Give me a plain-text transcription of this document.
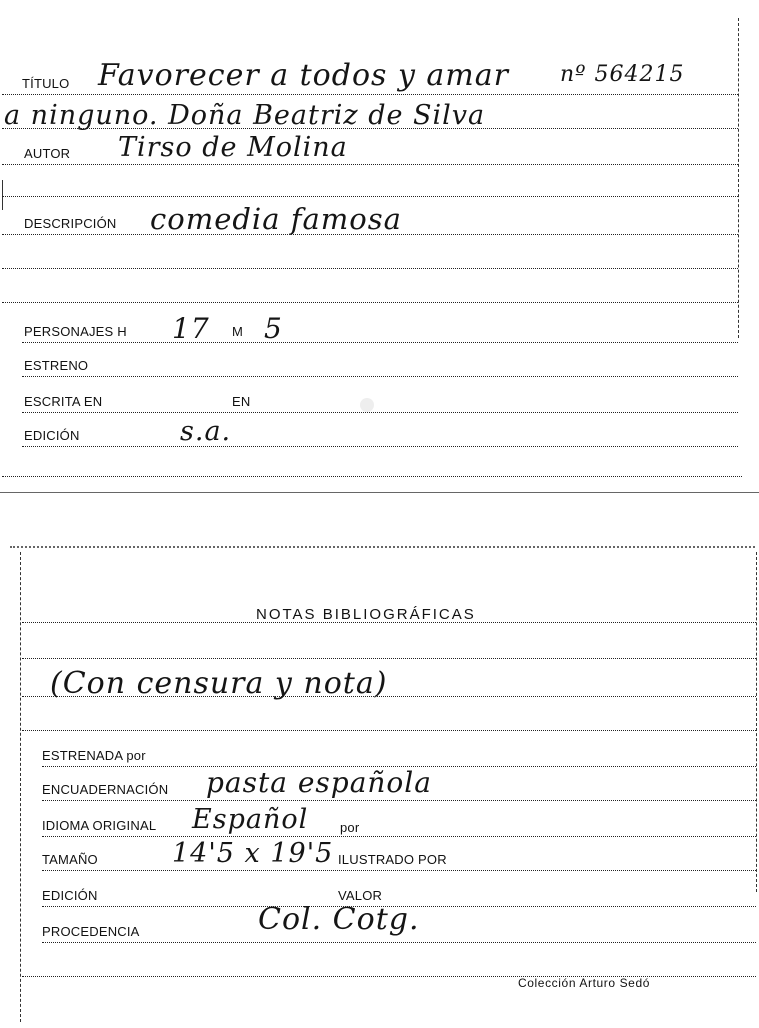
TÍTULO Favorecer a todos y amar nº 564215
a ninguno. Doña Beatriz de Silva
AUTOR Tirso de Molina
DESCRIPCIÓN comedia famosa
PERSONAJES H 17 M 5
ESTRENO
ESCRITA EN	EN
EDICIÓN	s.a.
NOTAS BIBLIOGRÁFICAS
(Con censura y nota)
ESTRENADA por
ENCUADERNACIÓN pasta española
IDIOMA ORIGINAL Español por
TAMAÑO	14'5 x 19'5 ILUSTRADO POR
EDICIÓN	VALOR
PROCEDENCIA	Col. Cotg.
Colección Arturo Sedó
